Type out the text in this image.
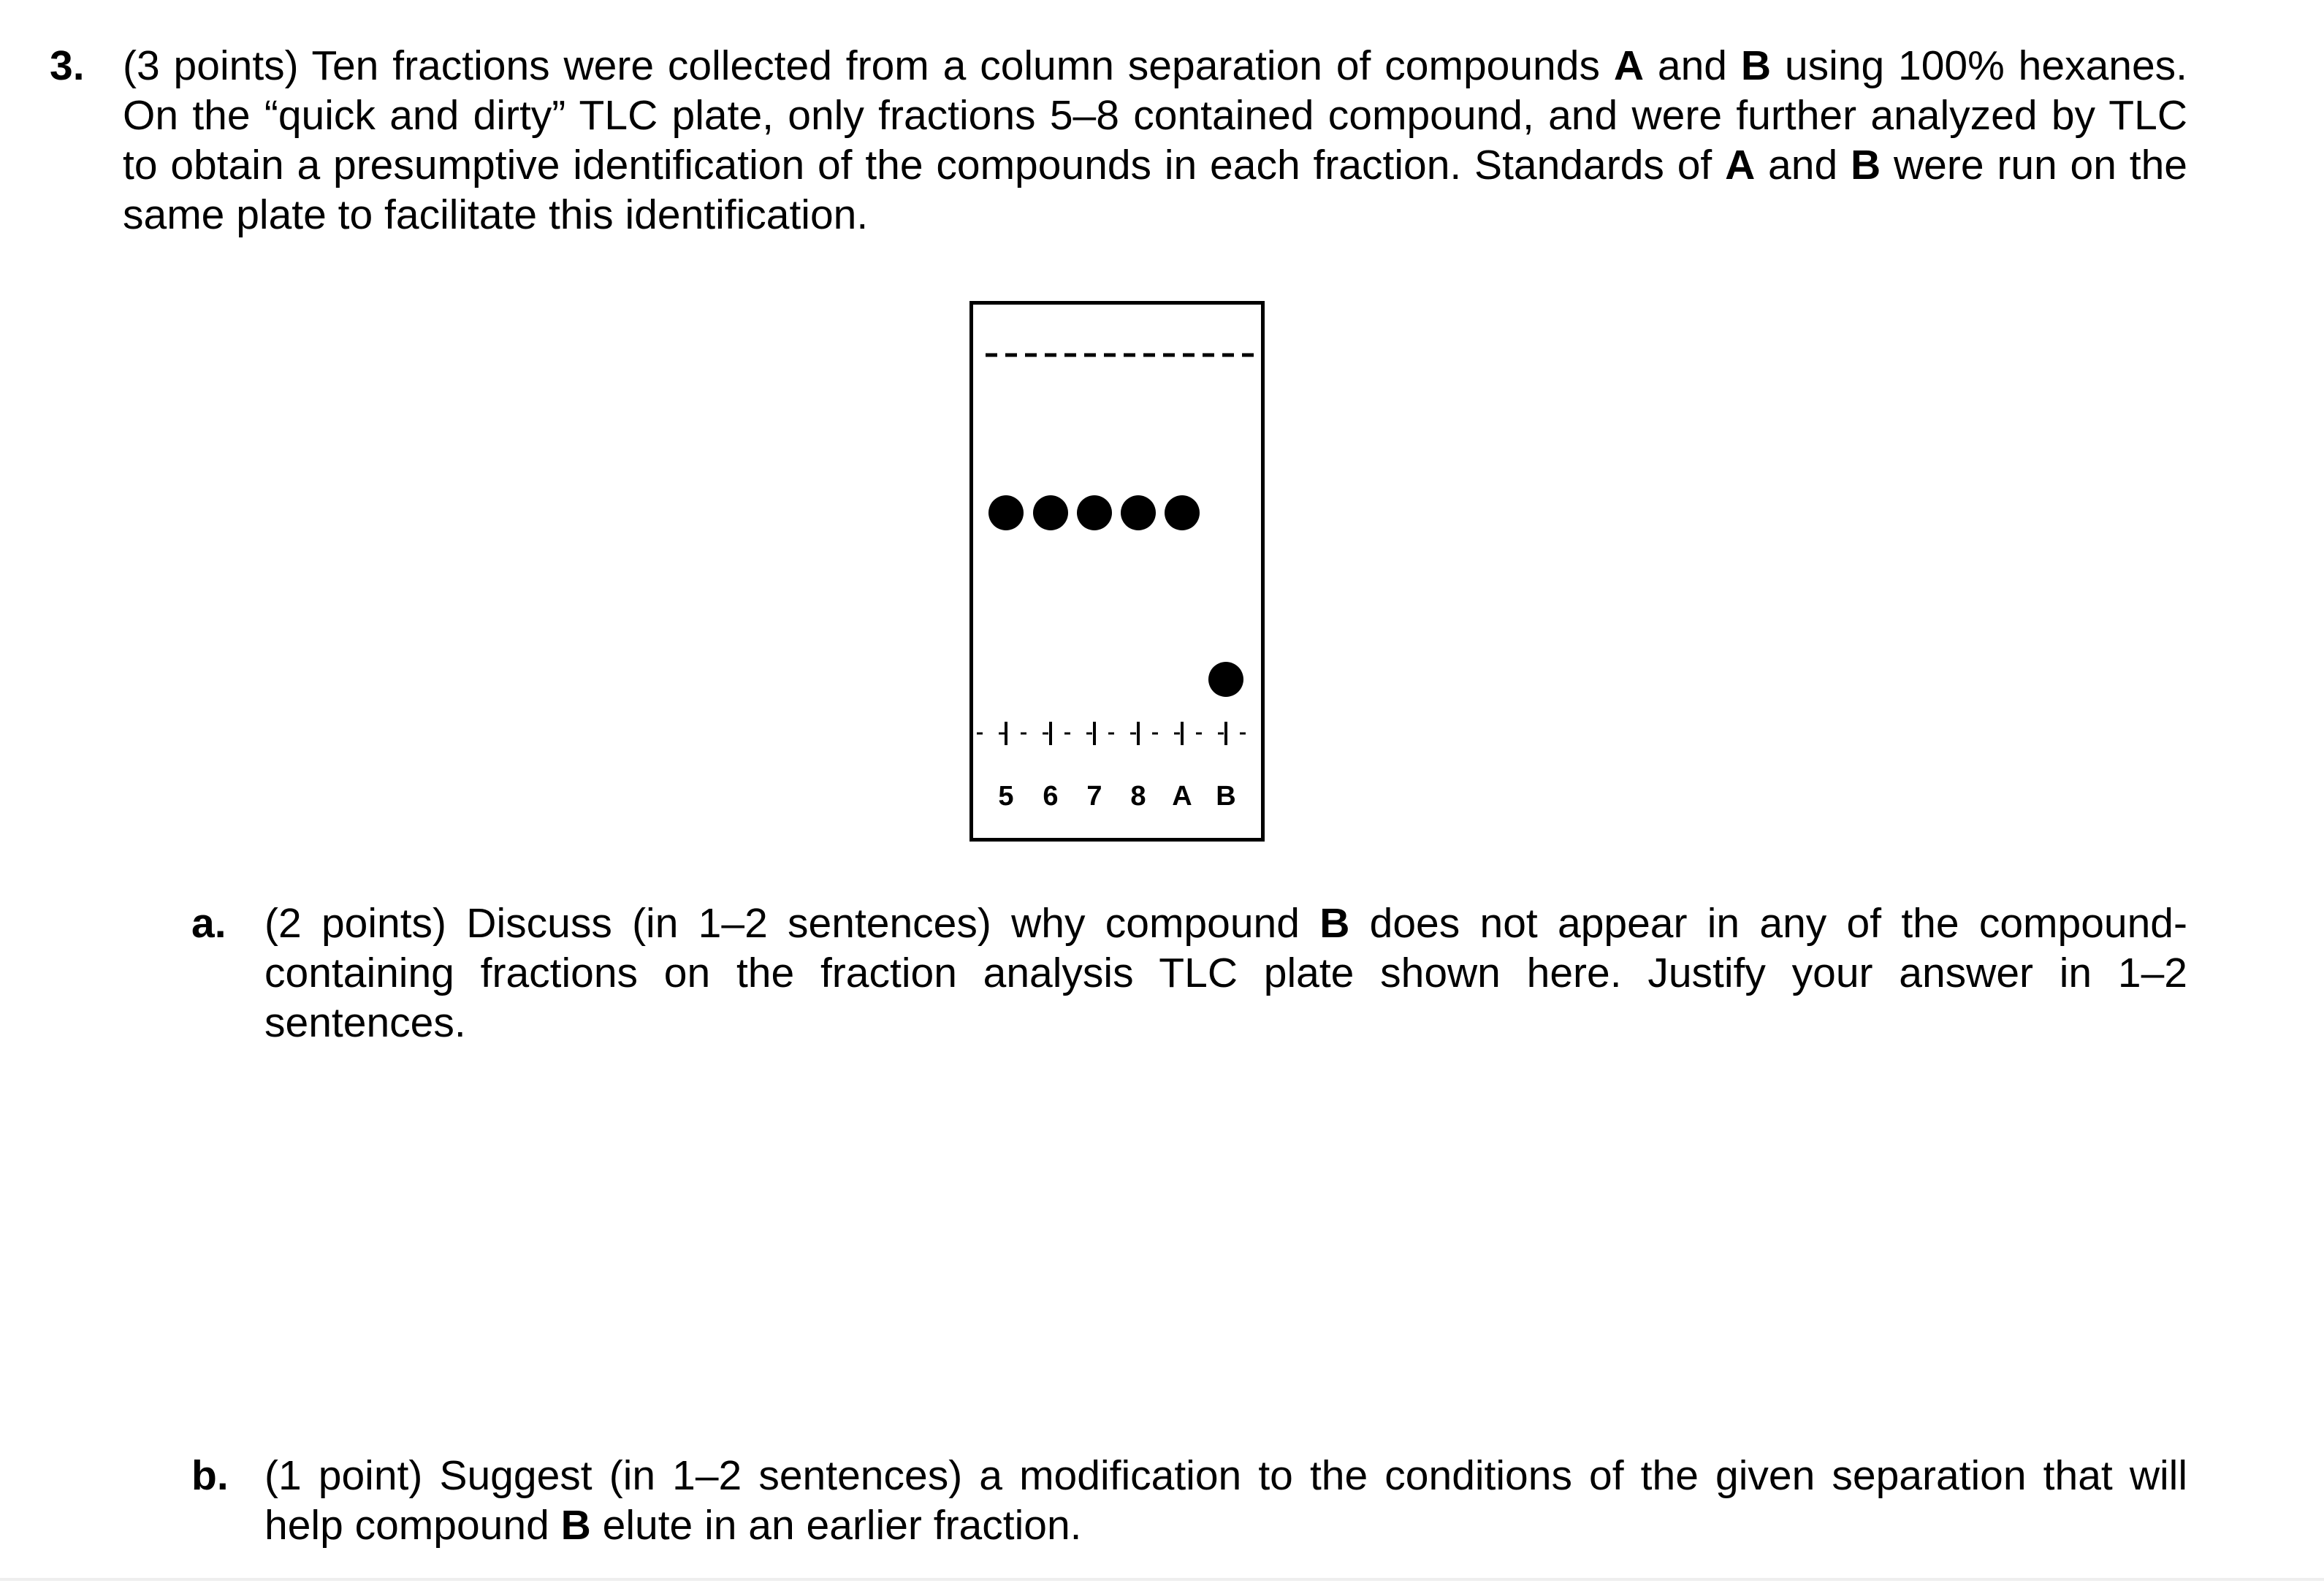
3. (3 points) Ten fractions were collected from a column separation of compounds A and B using 100% hexanes. On the “quick and dirty” TLC plate, only fractions 5–8 contained compound, and were further analyzed by TLC to obtain a presumptive identification of the compounds in each fraction. Standards of A and B were run on the same plate to facilitate this identification.

5 6 7 8 A B
a. (2 points) Discuss (in 1–2 sentences) why compound B does not appear in any of the compound-containing fractions on the fraction analysis TLC plate shown here. Justify your answer in 1–2 sentences.

b. (1 point) Suggest (in 1–2 sentences) a modification to the conditions of the given separation that will help compound B elute in an earlier fraction.
